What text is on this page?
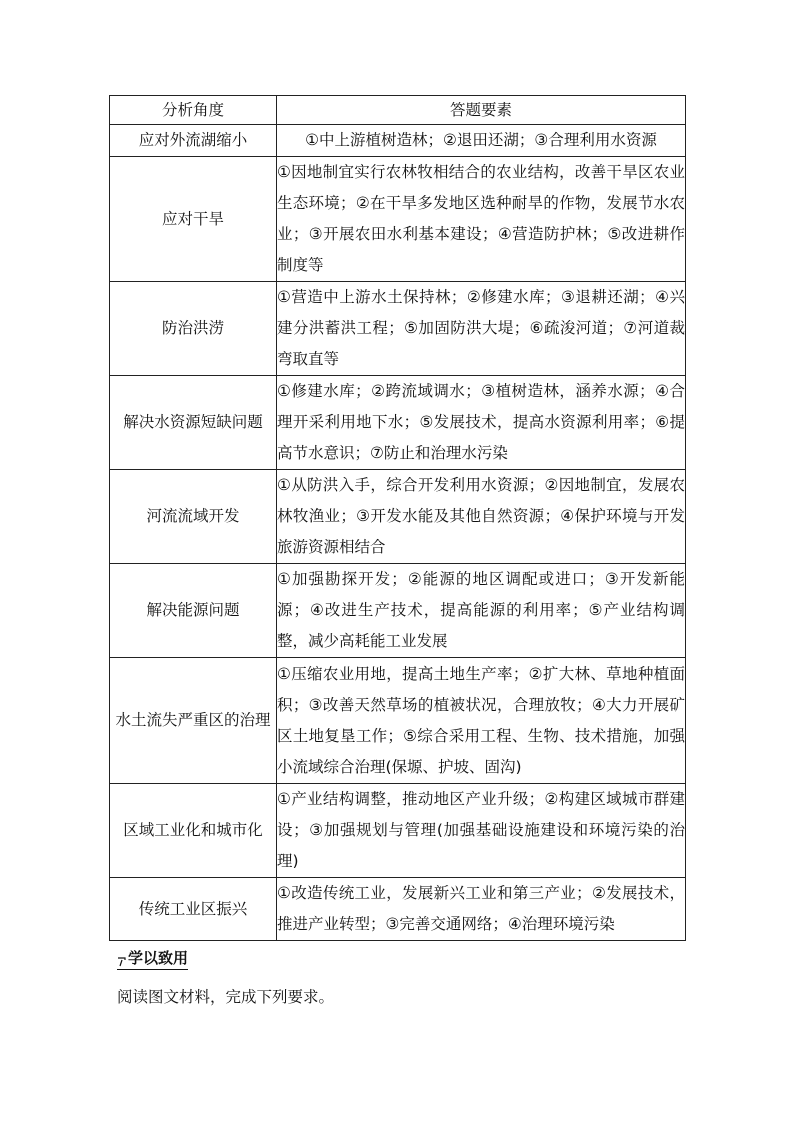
分析角度	答题要素
应对外流湖缩小	①中上游植树造林；②退田还湖；③合理利用水资源
应对干旱	①因地制宜实行农林牧相结合的农业结构，改善干旱区农业生态环境；②在干旱多发地区选种耐旱的作物，发展节水农业；③开展农田水利基本建设；④营造防护林；⑤改进耕作制度等
防治洪涝	①营造中上游水土保持林；②修建水库；③退耕还湖；④兴建分洪蓄洪工程；⑤加固防洪大堤；⑥疏浚河道；⑦河道裁弯取直等
解决水资源短缺问题	①修建水库；②跨流域调水；③植树造林，涵养水源；④合理开采利用地下水；⑤发展技术，提高水资源利用率；⑥提高节水意识；⑦防止和治理水污染
河流流域开发	①从防洪入手，综合开发利用水资源；②因地制宜，发展农林牧渔业；③开发水能及其他自然资源；④保护环境与开发旅游资源相结合
解决能源问题	①加强勘探开发；②能源的地区调配或进口；③开发新能源；④改进生产技术，提高能源的利用率；⑤产业结构调整，减少高耗能工业发展
水土流失严重区的治理	①压缩农业用地，提高土地生产率；②扩大林、草地种植面积；③改善天然草场的植被状况，合理放牧；④大力开展矿区土地复垦工作；⑤综合采用工程、生物、技术措施，加强小流域综合治理(保塬、护坡、固沟)
区域工业化和城市化	①产业结构调整，推动地区产业升级；②构建区域城市群建设；③加强规划与管理(加强基础设施建设和环境污染的治理)
传统工业区振兴	①改造传统工业，发展新兴工业和第三产业；②发展技术，推进产业转型；③完善交通网络；④治理环境污染
学以致用
阅读图文材料，完成下列要求。
